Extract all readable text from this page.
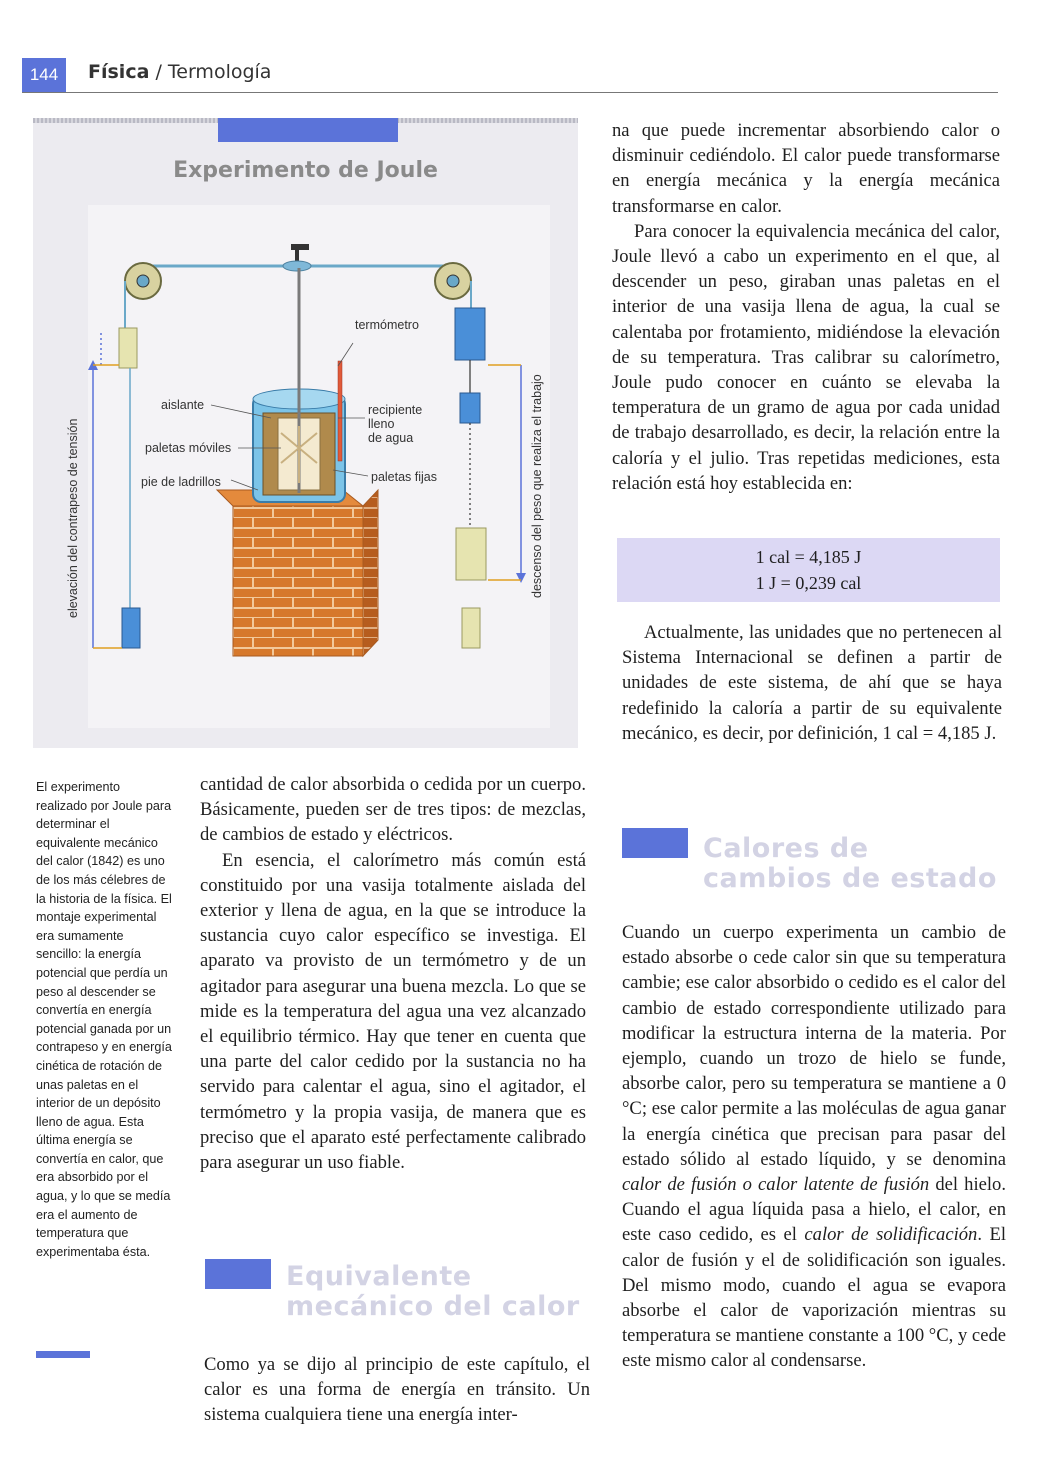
144	Física / Termología
Experimento de Joule
termómetro
aislante	recipiente
lleno
de agua
paletas móviles
paletas fijas
pie de ladrillos
elevación del contrapeso de tensión	descenso del peso que realiza el trabajo
El experimento realizado por Joule para determinar el equivalente mecánico del calor (1842) es uno de los más célebres de la historia de la física. El montaje experimental era sumamente sencillo: la energía potencial que perdía un peso al descender se convertía en energía potencial ganada por un contrapeso y en energía cinética de rotación de unas paletas en el interior de un depósito lleno de agua. Esta última energía se convertía en calor, que era absorbido por el agua, y lo que se medía era el aumento de temperatura que experimentaba ésta.

na que puede incrementar absorbiendo calor o disminuir cediéndolo. El calor puede transformarse en energía mecánica y la energía mecánica transformarse en calor.

Para conocer la equivalencia mecánica del calor, Joule llevó a cabo un experimento en el que, al descender un peso, giraban unas paletas en el interior de una vasija llena de agua, la cual se calentaba por frotamiento, midiéndose la elevación de su temperatura. Tras calibrar su calorímetro, Joule pudo conocer en cuánto se elevaba la temperatura de un gramo de agua por cada unidad de trabajo desarrollado, es decir, la relación entre la caloría y el julio. Tras repetidas mediciones, esta relación está hoy establecida en:

1 cal = 4,185 J
1 J = 0,239 cal

Actualmente, las unidades que no pertenecen al Sistema Internacional se definen a partir de unidades de este sistema, de ahí que se haya redefinido la caloría a partir de su equivalente mecánico, es decir, por definición, 1 cal = 4,185 J.

cantidad de calor absorbida o cedida por un cuerpo. Básicamente, pueden ser de tres tipos: de mezclas, de cambios de estado y eléctricos.

En esencia, el calorímetro más común está constituido por una vasija totalmente aislada del exterior y llena de agua, en la que se introduce la sustancia cuyo calor específico se investiga. El aparato va provisto de un termómetro y de un agitador para asegurar una buena mezcla. Lo que se mide es la temperatura del agua una vez alcanzado el equilibrio térmico. Hay que tener en cuenta que una parte del calor cedido por la sustancia no ha servido para calentar el agua, sino el agitador, el termómetro y la propia vasija, de manera que es preciso que el aparato esté perfectamente calibrado para asegurar un uso fiable.

Equivalente
mecánico del calor

Como ya se dijo al principio de este capítulo, el calor es una forma de energía en tránsito. Un sistema cualquiera tiene una energía inter-

Calores de
cambios de estado

Cuando un cuerpo experimenta un cambio de estado absorbe o cede calor sin que su temperatura cambie; ese calor absorbido o cedido es el calor del cambio de estado correspondiente utilizado para modificar la estructura interna de la materia. Por ejemplo, cuando un trozo de hielo se funde, absorbe calor, pero su temperatura se mantiene a 0 °C; ese calor permite a las moléculas de agua ganar la energía cinética que precisan para pasar del estado sólido al estado líquido, y se denomina calor de fusión o calor latente de fusión del hielo. Cuando el agua líquida pasa a hielo, el calor, en este caso cedido, es el calor de solidificación. El calor de fusión y el de solidificación son iguales. Del mismo modo, cuando el agua se evapora absorbe el calor de vaporización mientras su temperatura se mantiene constante a 100 °C, y cede este mismo calor al condensarse.
